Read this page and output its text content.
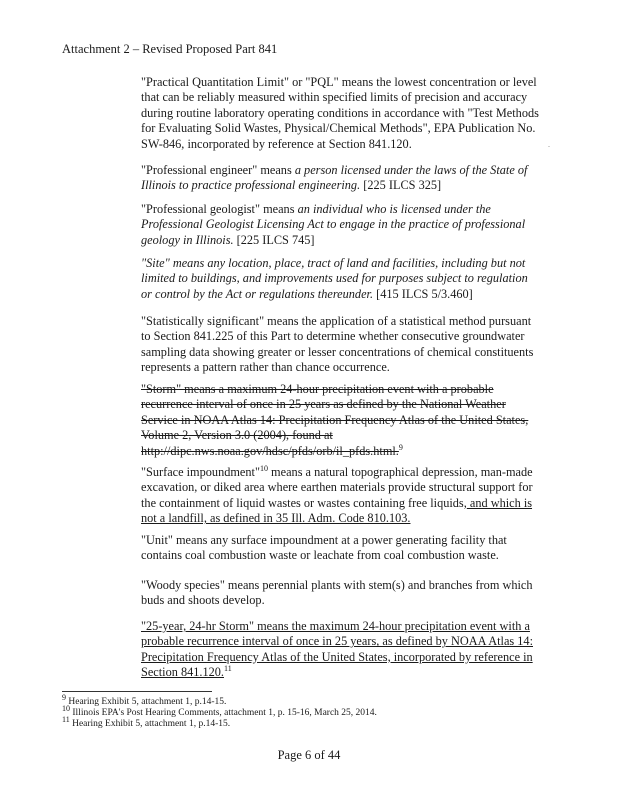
Attachment 2 – Revised Proposed Part 841
"Practical Quantitation Limit" or "PQL" means the lowest concentration or level that can be reliably measured within specified limits of precision and accuracy during routine laboratory operating conditions in accordance with "Test Methods for Evaluating Solid Wastes, Physical/Chemical Methods", EPA Publication No. SW-846, incorporated by reference at Section 841.120.
"Professional engineer" means a person licensed under the laws of the State of Illinois to practice professional engineering. [225 ILCS 325]
"Professional geologist" means an individual who is licensed under the Professional Geologist Licensing Act to engage in the practice of professional geology in Illinois. [225 ILCS 745]
"Site" means any location, place, tract of land and facilities, including but not limited to buildings, and improvements used for purposes subject to regulation or control by the Act or regulations thereunder. [415 ILCS 5/3.460]
"Statistically significant" means the application of a statistical method pursuant to Section 841.225 of this Part to determine whether consecutive groundwater sampling data showing greater or lesser concentrations of chemical constituents represents a pattern rather than chance occurrence.
"Storm" means a maximum 24-hour precipitation event with a probable recurrence interval of once in 25 years as defined by the National Weather Service in NOAA Atlas 14: Precipitation Frequency Atlas of the United States, Volume 2, Version 3.0 (2004), found at http://dipc.nws.noaa.gov/hdsc/pfds/orb/il_pfds.html.$^9$
"Surface impoundment"$^{10}$ means a natural topographical depression, man-made excavation, or diked area where earthen materials provide structural support for the containment of liquid wastes or wastes containing free liquids, and which is not a landfill, as defined in 35 Ill. Adm. Code 810.103.
"Unit" means any surface impoundment at a power generating facility that contains coal combustion waste or leachate from coal combustion waste.
"Woody species" means perennial plants with stem(s) and branches from which buds and shoots develop.
"25-year, 24-hr Storm" means the maximum 24-hour precipitation event with a probable recurrence interval of once in 25 years, as defined by NOAA Atlas 14: Precipitation Frequency Atlas of the United States, incorporated by reference in Section 841.120.11
.
$^9$ Hearing Exhibit 5, attachment 1, p.14-15.
$^{10}$ Illinois EPA's Post Hearing Comments, attachment 1, p. 15-16, March 25, 2014.
$^{11}$ Hearing Exhibit 5, attachment 1, p.14-15.
Page 6 of 44
